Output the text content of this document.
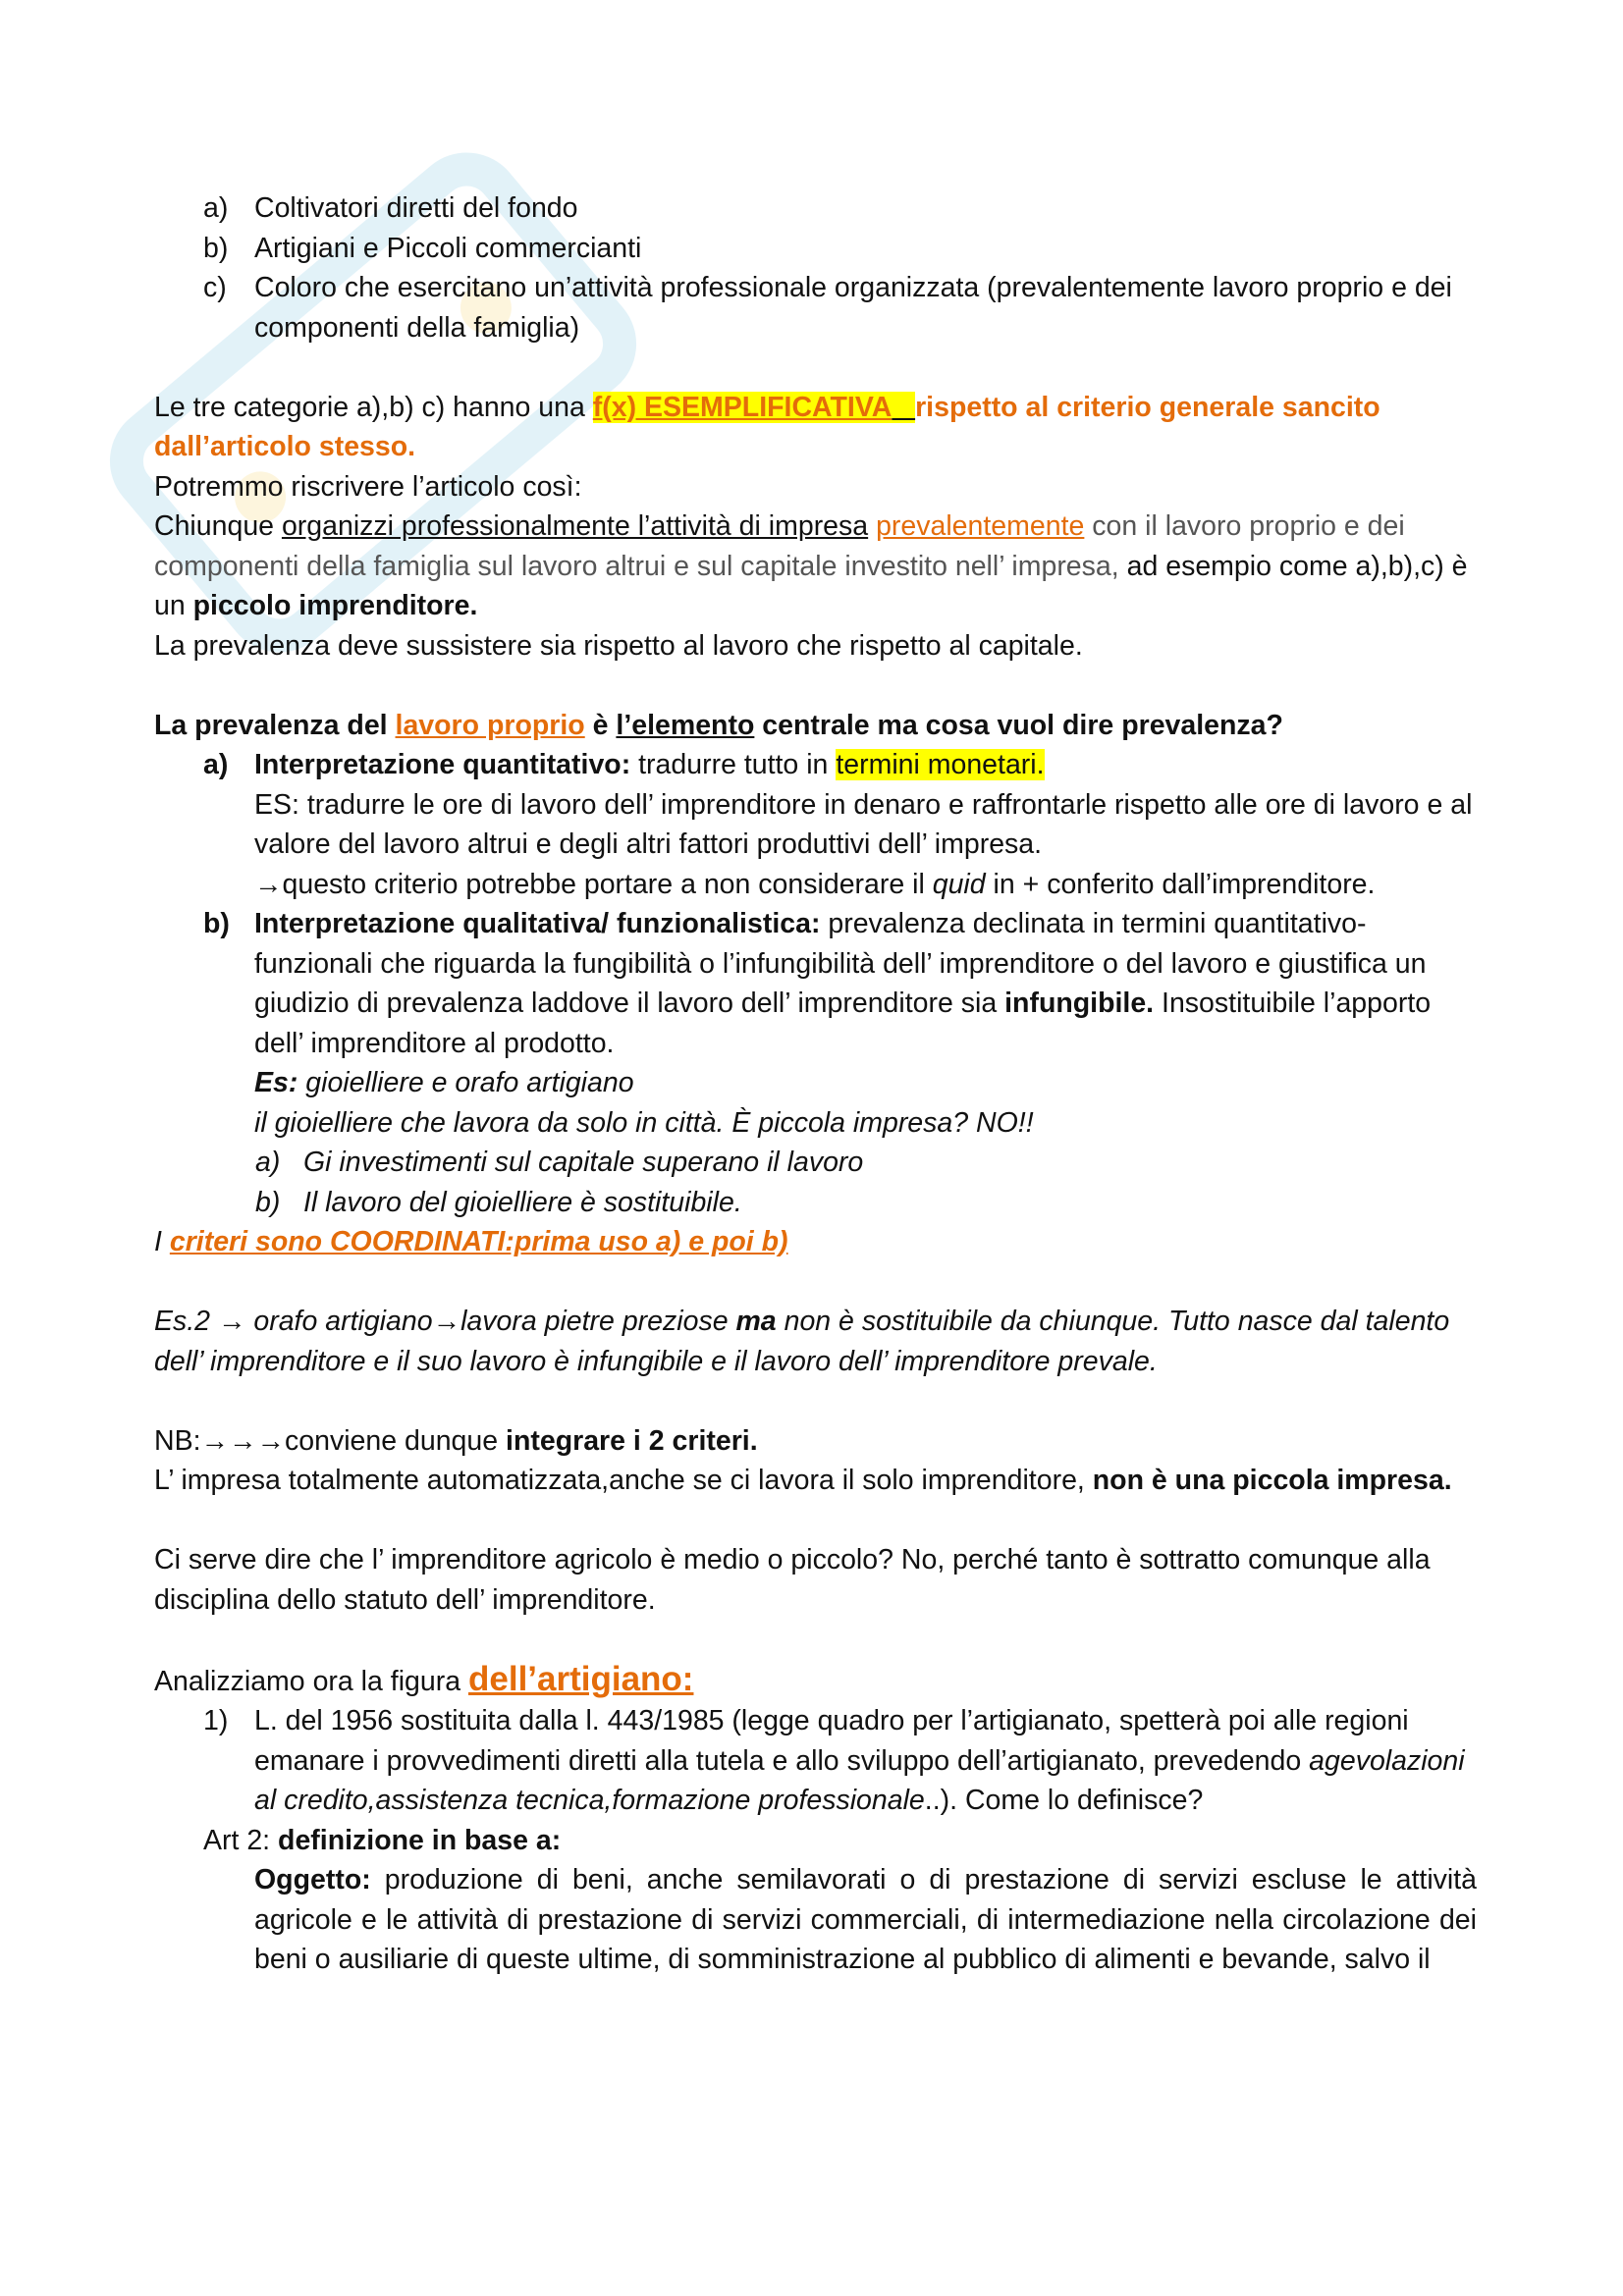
a) Coltivatori diretti del fondo
b) Artigiani e Piccoli commercianti
c) Coloro che esercitano un’attività professionale organizzata (prevalentemente lavoro proprio e dei componenti della famiglia)
Le tre categorie a),b) c) hanno una f(x) ESEMPLIFICATIVA rispetto al criterio generale sancito dall’articolo stesso.
Potremmo riscrivere l’articolo così:
Chiunque organizzi professionalmente l’attività di impresa prevalentemente con il lavoro proprio e dei componenti della famiglia sul lavoro altrui e sul capitale investito nell’ impresa, ad esempio come a),b),c) è un piccolo imprenditore.
La prevalenza deve sussistere sia rispetto al lavoro che rispetto al capitale.
La prevalenza del lavoro proprio è l’elemento centrale ma cosa vuol dire prevalenza?
a) Interpretazione quantitativo: tradurre tutto in termini monetari.
ES: tradurre le ore di lavoro dell’ imprenditore in denaro e raffrontarle rispetto alle ore di lavoro e al valore del lavoro altrui e degli altri fattori produttivi dell’ impresa.
→questo criterio potrebbe portare a non considerare il quid in + conferito dall’imprenditore.
b) Interpretazione qualitativa/ funzionalistica: prevalenza declinata in termini quantitativo-funzionali che riguarda la fungibilità o l’infungibilità dell’ imprenditore o del lavoro e giustifica un giudizio di prevalenza laddove il lavoro dell’ imprenditore sia infungibile. Insostituibile l’apporto dell’ imprenditore al prodotto.
Es: gioielliere e orafo artigiano
il gioielliere che lavora da solo in città. È piccola impresa? NO!!
a) Gi investimenti sul capitale superano il lavoro
b) Il lavoro del gioielliere è sostituibile.
I criteri sono COORDINATI:prima uso a) e poi b)
Es.2 → orafo artigiano→lavora pietre preziose ma non è sostituibile da chiunque. Tutto nasce dal talento dell’ imprenditore e il suo lavoro è infungibile e il lavoro dell’ imprenditore prevale.
NB:→→→conviene dunque integrare i 2 criteri.
L’ impresa totalmente automatizzata,anche se ci lavora il solo imprenditore, non è una piccola impresa.
Ci serve dire che l’ imprenditore agricolo è medio o piccolo? No, perché tanto è sottratto comunque alla disciplina dello statuto dell’ imprenditore.
Analizziamo ora la figura dell’artigiano:
1) L. del 1956 sostituita dalla l. 443/1985 (legge quadro per l’artigianato, spetterà poi alle regioni emanare i provvedimenti diretti alla tutela e allo sviluppo dell’artigianato, prevedendo agevolazioni al credito,assistenza tecnica,formazione professionale..). Come lo definisce?
Art 2: definizione in base a:
Oggetto: produzione di beni, anche semilavorati o di prestazione di servizi escluse le attività agricole e le attività di prestazione di servizi commerciali, di intermediazione nella circolazione dei beni o ausiliarie di queste ultime, di somministrazione al pubblico di alimenti e bevande, salvo il
